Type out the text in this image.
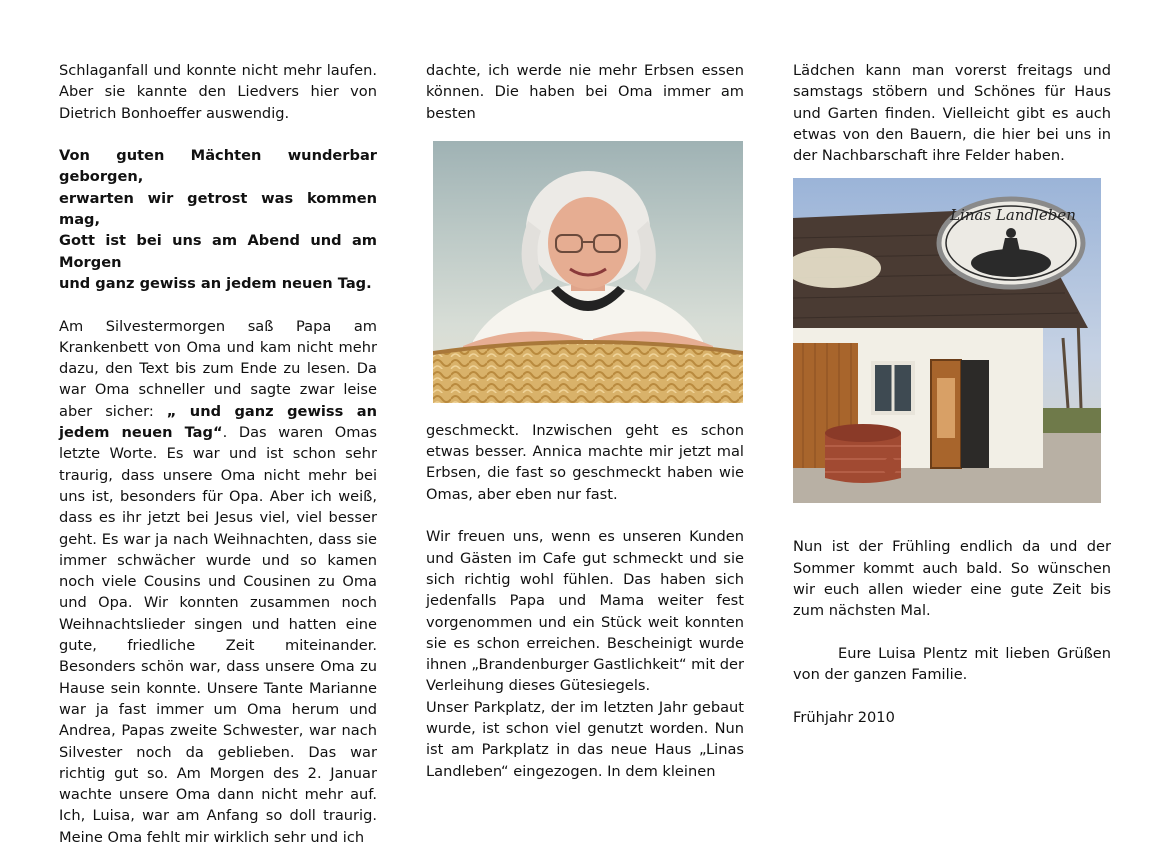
Schlaganfall und konnte nicht mehr laufen. Aber sie kannte den Liedvers hier von Dietrich Bonhoeffer auswendig.

Von guten Mächten wunderbar geborgen,

erwarten wir getrost was kommen mag,

Gott ist bei uns am Abend und am Morgen

und ganz gewiss an jedem neuen Tag.

Am Silvestermorgen saß Papa am Krankenbett von Oma und kam nicht mehr dazu, den Text bis zum Ende zu lesen. Da war Oma schneller und sagte zwar leise aber sicher: „ und ganz gewiss an jedem neuen Tag“. Das waren Omas letzte Worte. Es war und ist schon sehr traurig, dass unsere Oma nicht mehr bei uns ist, besonders für Opa. Aber ich weiß, dass es ihr jetzt bei Jesus viel, viel besser geht. Es war ja nach Weihnachten, dass sie immer schwächer wurde und so kamen noch viele Cousins und Cousinen zu Oma und Opa. Wir konnten zusammen noch Weihnachtslieder singen und hatten eine gute, friedliche Zeit miteinander. Besonders schön war, dass unsere Oma zu Hause sein konnte. Unsere Tante Marianne war ja fast immer um Oma herum und Andrea, Papas zweite Schwester, war nach Silvester noch da geblieben. Das war richtig gut so. Am Morgen des 2. Januar wachte unsere Oma dann nicht mehr auf. Ich, Luisa, war am Anfang so doll traurig. Meine Oma fehlt mir wirklich sehr und ich

dachte, ich werde nie mehr Erbsen essen können. Die haben bei Oma immer am besten

geschmeckt. Inzwischen geht es schon etwas besser. Annica machte mir jetzt mal Erbsen, die fast so geschmeckt haben wie Omas, aber eben nur fast.

Wir freuen uns, wenn es unseren Kunden und Gästen im Cafe gut schmeckt und sie sich richtig wohl fühlen. Das haben sich jedenfalls Papa und Mama weiter fest vorgenommen und ein Stück weit konnten sie es schon erreichen. Bescheinigt wurde ihnen „Brandenburger Gastlichkeit“ mit der Verleihung dieses Gütesiegels.

Unser Parkplatz, der im letzten Jahr gebaut wurde, ist schon viel genutzt worden. Nun ist am Parkplatz in das neue Haus „Linas Landleben“ eingezogen. In dem kleinen

Lädchen kann man vorerst freitags und samstags stöbern und Schönes für Haus und Garten finden. Vielleicht gibt es auch etwas von den Bauern, die hier bei uns in der Nachbarschaft ihre Felder haben.

Linas Landleben

Nun ist der Frühling endlich da und der Sommer kommt auch bald. So wünschen wir euch allen wieder eine gute Zeit bis zum nächsten Mal.

Eure Luisa Plentz mit lieben Grüßen von der ganzen Familie.

Frühjahr 2010
